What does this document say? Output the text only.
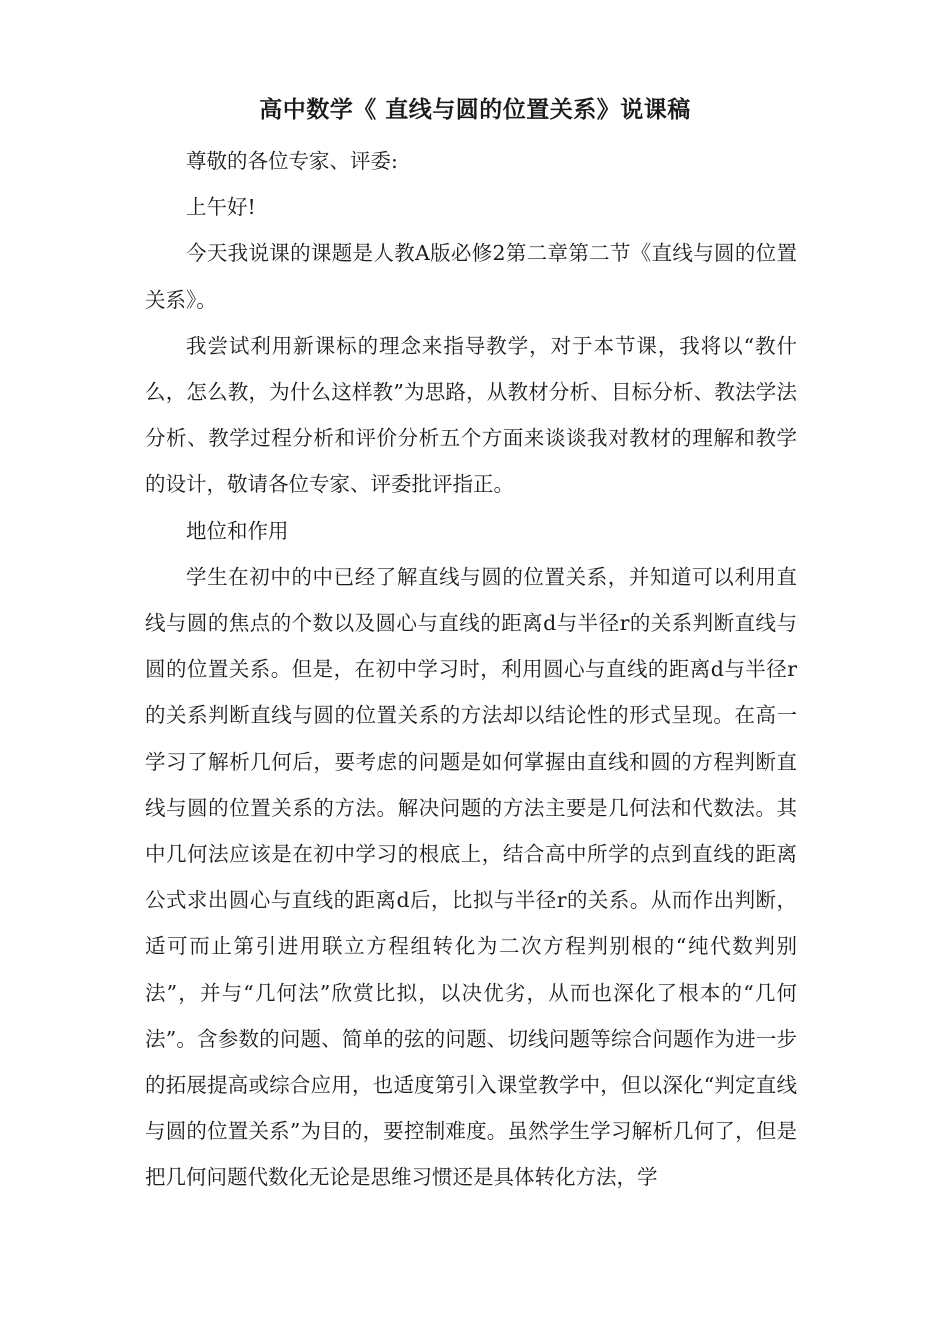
高中数学《 直线与圆的位置关系》说课稿

尊敬的各位专家、评委:

上午好!

今天我说课的课题是人教A版必修2第二章第二节《直线与圆的位置关系》。

我尝试利用新课标的理念来指导教学，对于本节课，我将以“教什么，怎么教，为什么这样教”为思路，从教材分析、目标分析、教法学法分析、教学过程分析和评价分析五个方面来谈谈我对教材的理解和教学的设计，敬请各位专家、评委批评指正。

地位和作用

学生在初中的中已经了解直线与圆的位置关系，并知道可以利用直线与圆的焦点的个数以及圆心与直线的距离d与半径r的关系判断直线与圆的位置关系。但是，在初中学习时，利用圆心与直线的距离d与半径r的关系判断直线与圆的位置关系的方法却以结论性的形式呈现。在高一学习了解析几何后，要考虑的问题是如何掌握由直线和圆的方程判断直线与圆的位置关系的方法。解决问题的方法主要是几何法和代数法。其中几何法应该是在初中学习的根底上，结合高中所学的点到直线的距离公式求出圆心与直线的距离d后，比拟与半径r的关系。从而作出判断，适可而止第引进用联立方程组转化为二次方程判别根的“纯代数判别法”，并与“几何法”欣赏比拟，以决优劣，从而也深化了根本的“几何法”。含参数的问题、简单的弦的问题、切线问题等综合问题作为进一步的拓展提高或综合应用，也适度第引入课堂教学中，但以深化“判定直线与圆的位置关系”为目的，要控制难度。虽然学生学习解析几何了，但是把几何问题代数化无论是思维习惯还是具体转化方法，学
